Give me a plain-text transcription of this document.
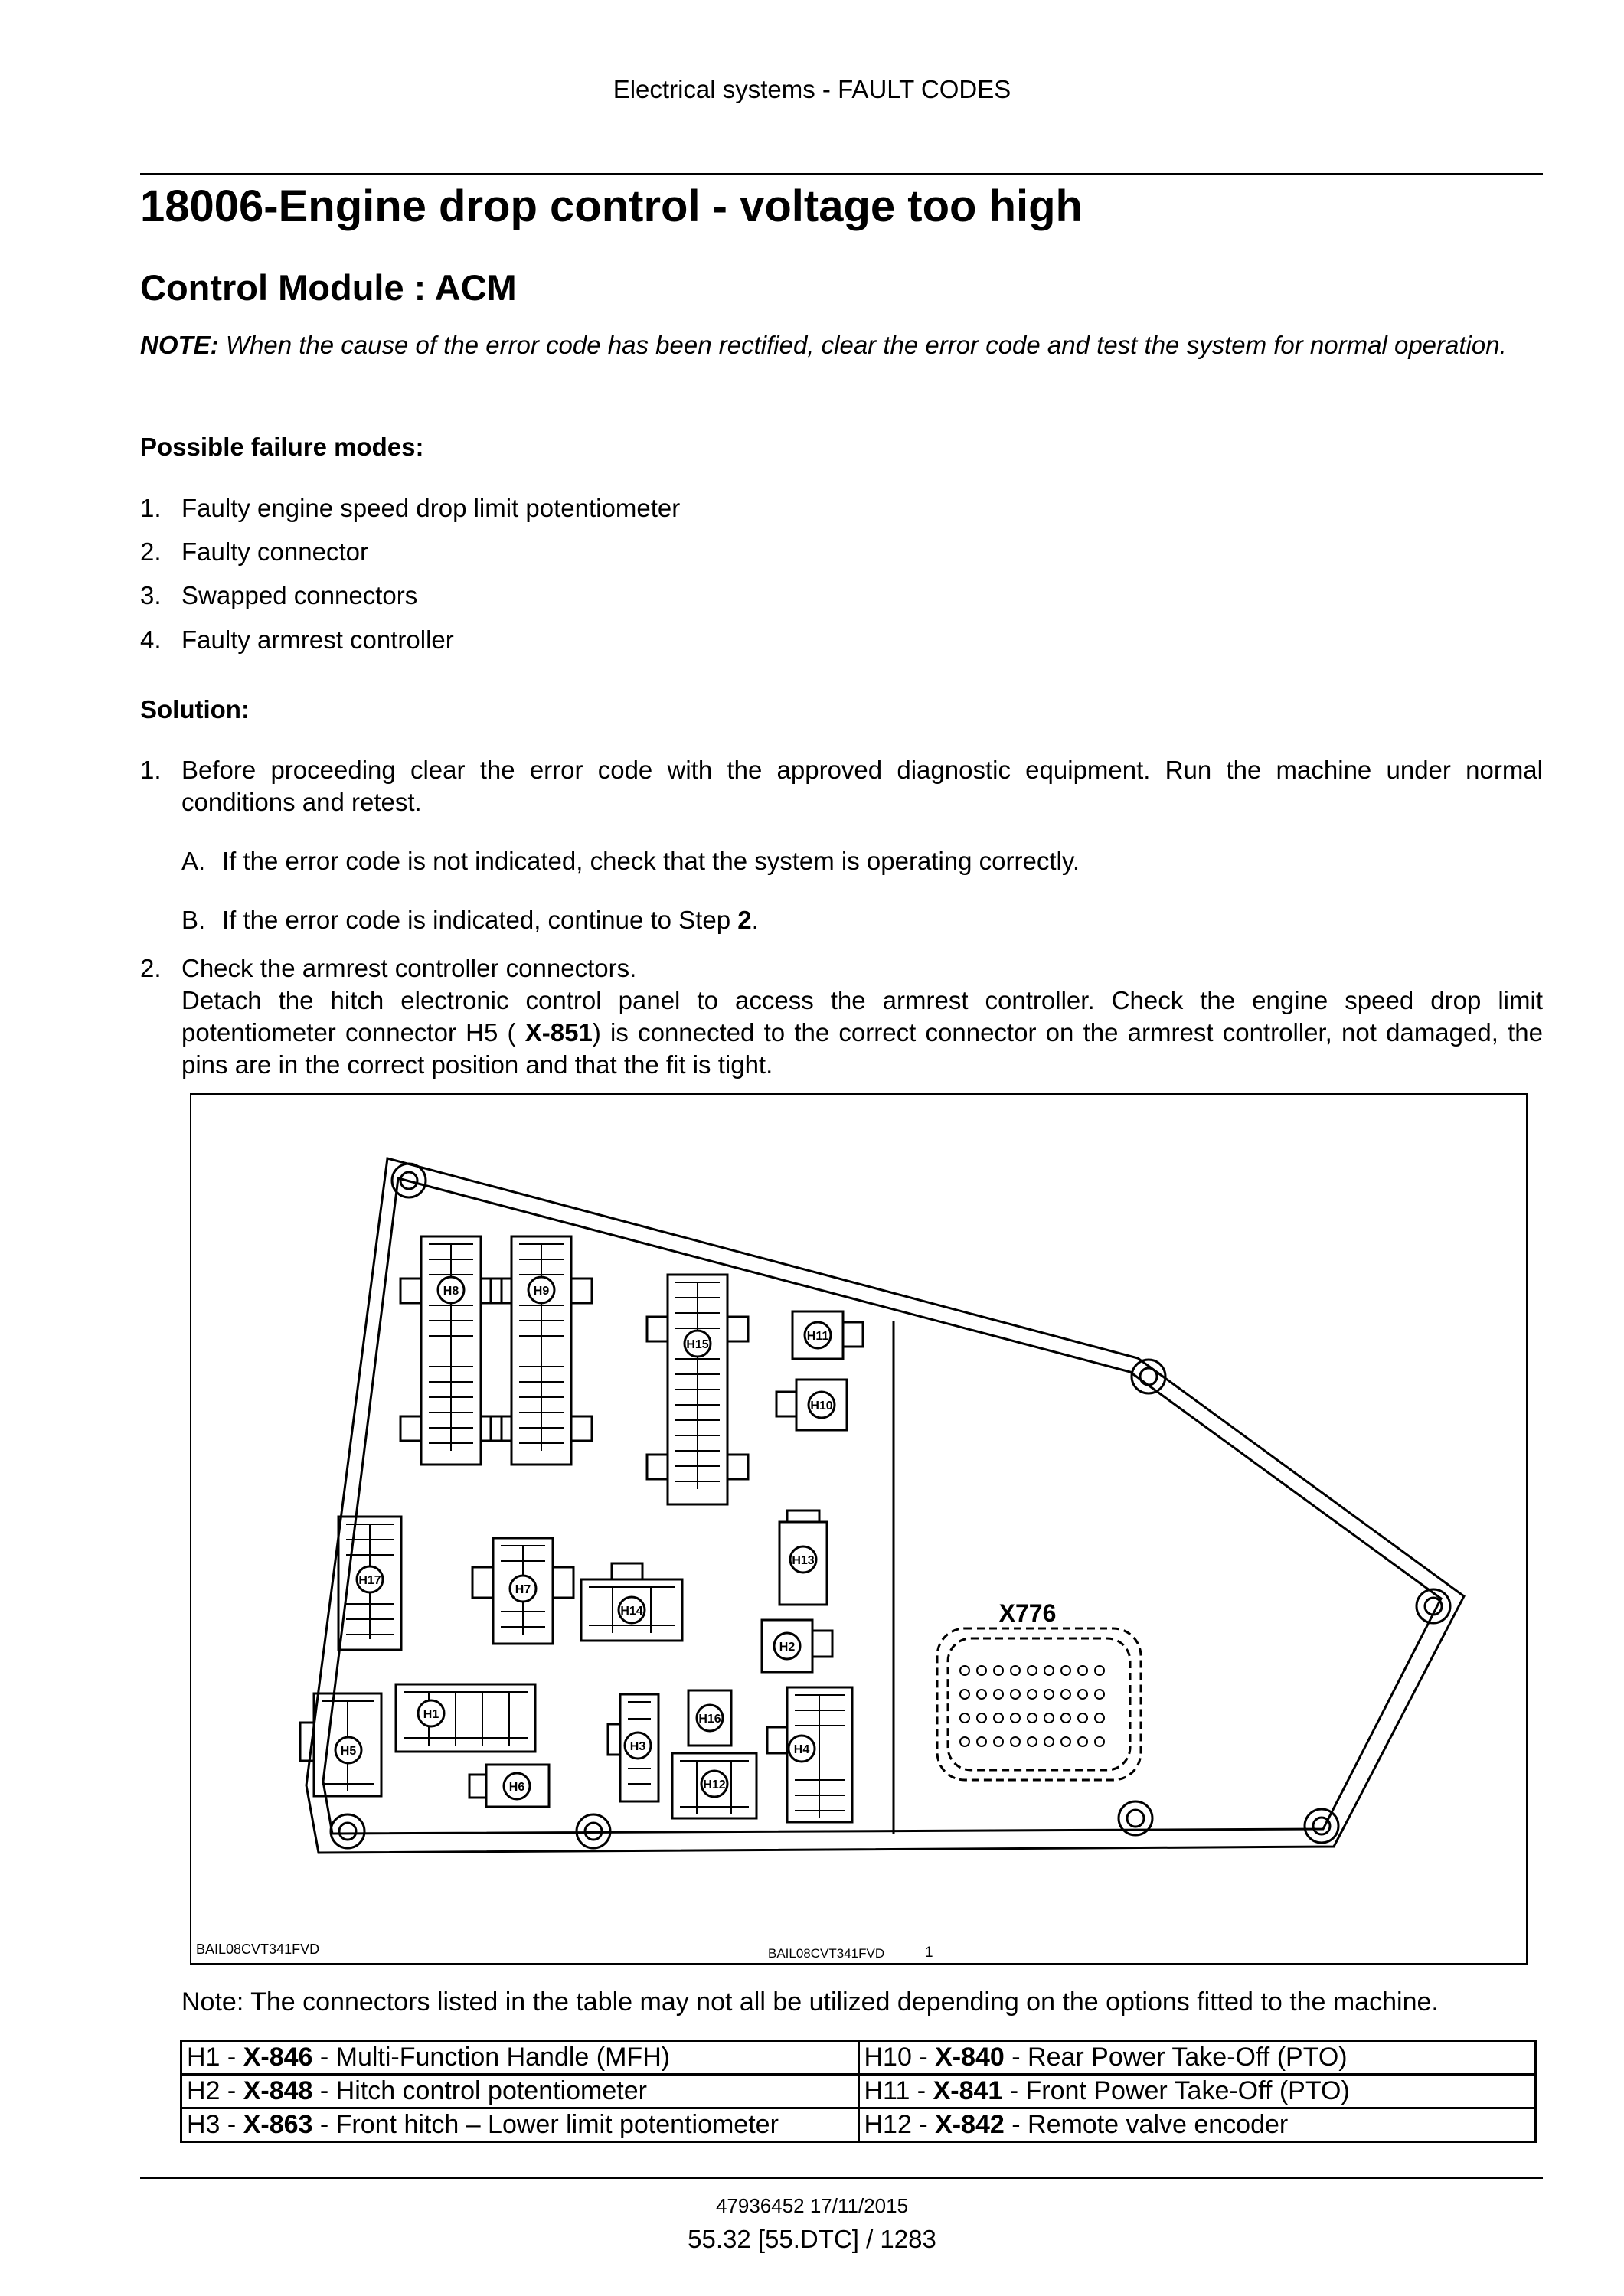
Electrical systems - FAULT CODES
18006-Engine drop control - voltage too high
Control Module : ACM
NOTE: When the cause of the error code has been rectified, clear the error code and test the system for normal operation.
Possible failure modes:
1. Faulty engine speed drop limit potentiometer
2. Faulty connector
3. Swapped connectors
4. Faulty armrest controller
Solution:
1. Before proceeding clear the error code with the approved diagnostic equipment. Run the machine under normal conditions and retest.
A. If the error code is not indicated, check that the system is operating correctly.
B. If the error code is indicated, continue to Step 2.
2. Check the armrest controller connectors.
Detach the hitch electronic control panel to access the armrest controller. Check the engine speed drop limit potentiometer connector H5 ( X-851) is connected to the correct connector on the armrest controller, not damaged, the pins are in the correct position and that the fit is tight.
H1
H2
H3	H4
H5
H6
H7
H8	H9
H10
H11
H12
H13
H14
H15
H16
H17
X776
BAIL08CVT341FVD	BAIL08CVT341FVD	1
Note: The connectors listed in the table may not all be utilized depending on the options fitted to the machine.
H1 - X-846 - Multi-Function Handle (MFH)	H10 - X-840 - Rear Power Take-Off (PTO)
H2 - X-848 - Hitch control potentiometer	H11 - X-841 - Front Power Take-Off (PTO)
H3 - X-863 - Front hitch – Lower limit potentiometer	H12 - X-842 - Remote valve encoder
47936452 17/11/2015
55.32 [55.DTC] / 1283
